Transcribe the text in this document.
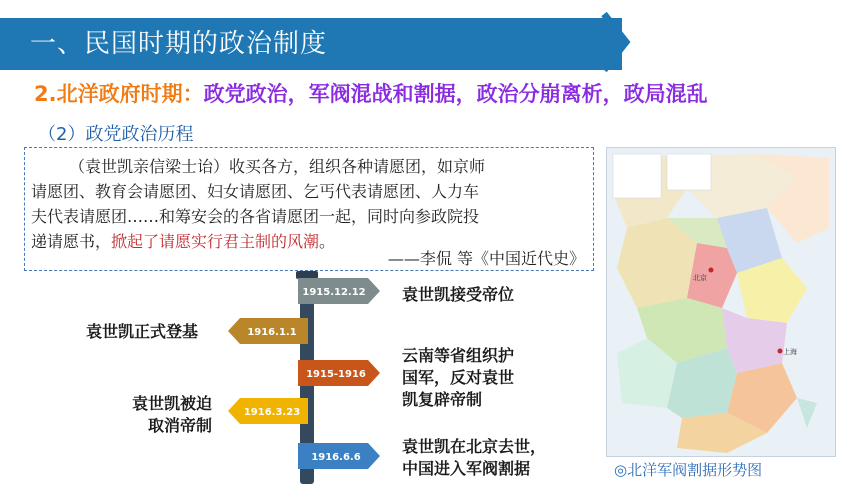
一、民国时期的政治制度
2.北洋政府时期：政党政治，军阀混战和割据，政治分崩离析，政局混乱
（2）政党政治历程
（袁世凯亲信梁士诒）收买各方，组织各种请愿团，如京师
请愿团、教育会请愿团、妇女请愿团、乞丐代表请愿团、人力车
夫代表请愿团……和筹安会的各省请愿团一起，同时向参政院投
递请愿书，掀起了请愿实行君主制的风潮。
——李侃 等《中国近代史》
北京
上海
◎北洋军阀割据形势图
1915.12.12
1916.1.1
1915-1916
1916.3.23
1916.6.6
袁世凯接受帝位
袁世凯正式登基
云南等省组织护
国军，反对袁世
凯复辟帝制
袁世凯被迫
取消帝制
袁世凯在北京去世，
中国进入军阀割据
